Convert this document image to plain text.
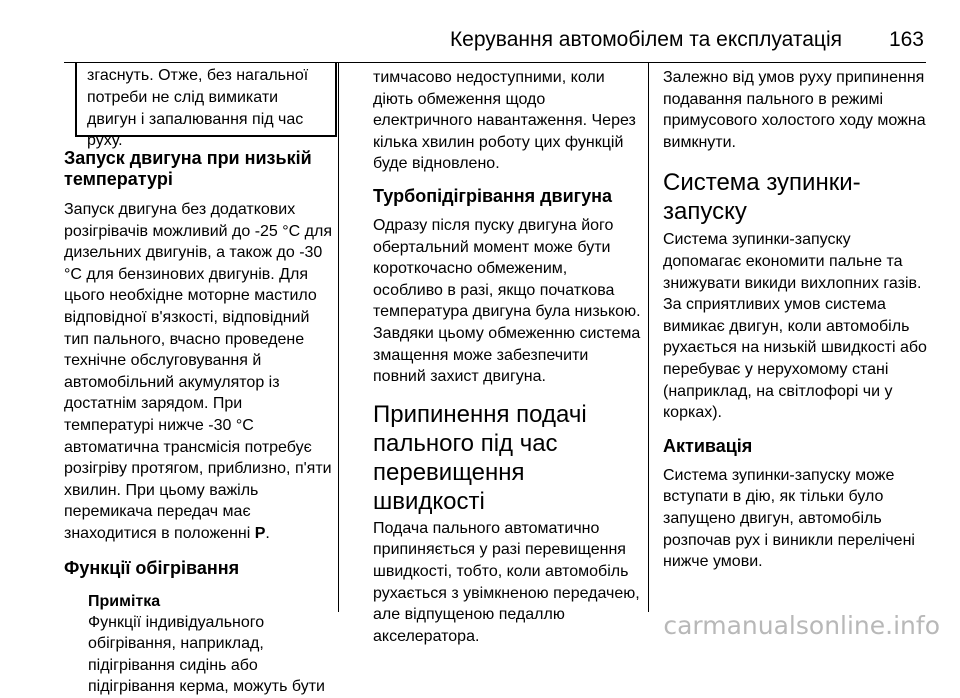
Керування автомобілем та експлуатація 163

згаснуть. Отже, без нагальної потреби не слід вимикати двигун і запалювання під час руху.

Запуск двигуна при низькій температурі

Запуск двигуна без додаткових розігрівачів можливий до -25 °C для дизельних двигунів, а також до -30 °C для бензинових двигунів. Для цього необхідне моторне мастило відповідної в'язкості, відповідний тип пального, вчасно проведене технічне обслуговування й автомобільний акумулятор із достатнім зарядом. При температурі нижче -30 °C автоматична трансмісія потребує розігріву протягом, приблизно, п'яти хвилин. При цьому важіль перемикача передач має знаходитися в положенні P.

Функції обігрівання

Примітка

Функції індивідуального обігрівання, наприклад, підігрівання сидінь або підігрівання керма, можуть бути

тимчасово недоступними, коли діють обмеження щодо електричного навантаження. Через кілька хвилин роботу цих функцій буде відновлено.

Турбопідігрівання двигуна

Одразу після пуску двигуна його обертальний момент може бути короткочасно обмеженим, особливо в разі, якщо початкова температура двигуна була низькою. Завдяки цьому обмеженню система змащення може забезпечити повний захист двигуна.

Припинення подачі пального під час перевищення швидкості

Подача пального автоматично припиняється у разі перевищення швидкості, тобто, коли автомобіль рухається з увімкненою передачею, але відпущеною педаллю акселератора.

Залежно від умов руху припинення подавання пального в режимі примусового холостого ходу можна вимкнути.

Система зупинки-запуску

Система зупинки-запуску допомагає економити пальне та знижувати викиди вихлопних газів. За сприятливих умов система вимикає двигун, коли автомобіль рухається на низькій швидкості або перебуває у нерухомому стані (наприклад, на світлофорі чи у корках).

Активація

Система зупинки-запуску може вступати в дію, як тільки було запущено двигун, автомобіль розпочав рух і виникли перелічені нижче умови.

carmanualsonline.info
